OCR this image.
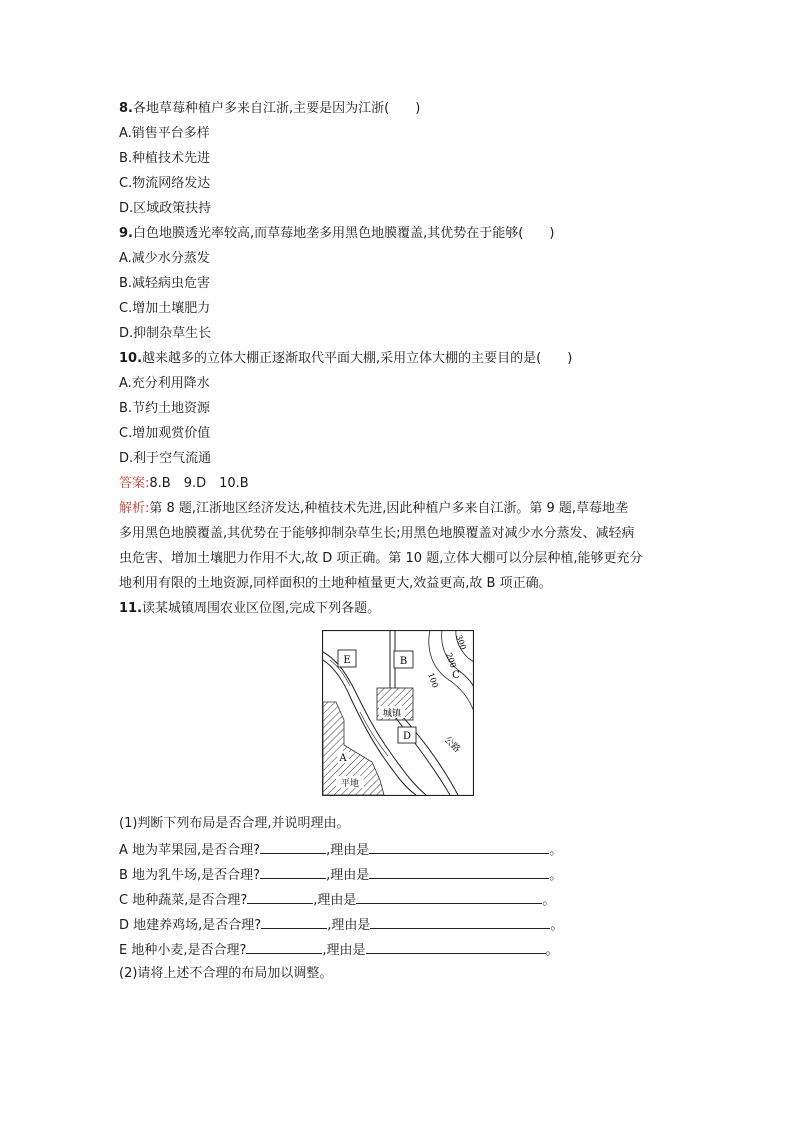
8.各地草莓种植户多来自江浙,主要是因为江浙(　　)
A.销售平台多样
B.种植技术先进
C.物流网络发达
D.区域政策扶持
9.白色地膜透光率较高,而草莓地垄多用黑色地膜覆盖,其优势在于能够(　　)
A.减少水分蒸发
B.减轻病虫危害
C.增加土壤肥力
D.抑制杂草生长
10.越来越多的立体大棚正逐渐取代平面大棚,采用立体大棚的主要目的是(　　)
A.充分利用降水
B.节约土地资源
C.增加观赏价值
D.利于空气流通
答案:8.B　9.D　10.B
解析:第 8 题,江浙地区经济发达,种植技术先进,因此种植户多来自江浙。第 9 题,草莓地垄
多用黑色地膜覆盖,其优势在于能够抑制杂草生长;用黑色地膜覆盖对减少水分蒸发、减轻病
虫危害、增加土壤肥力作用不大,故 D 项正确。第 10 题,立体大棚可以分层种植,能够更充分
地利用有限的土地资源,同样面积的土地种植量更大,效益更高,故 B 项正确。
11.读某城镇周围农业区位图,完成下列各题。
平地
A
公路
城镇
100
200
300
E	B
D
C
(1)判断下列布局是否合理,并说明理由。
A 地为苹果园,是否合理?	,理由是	。
B 地为乳牛场,是否合理?	,理由是	。
C 地种蔬菜,是否合理?	,理由是	。
D 地建养鸡场,是否合理?	,理由是	。
E 地种小麦,是否合理?	,理由是	。
(2)请将上述不合理的布局加以调整。
